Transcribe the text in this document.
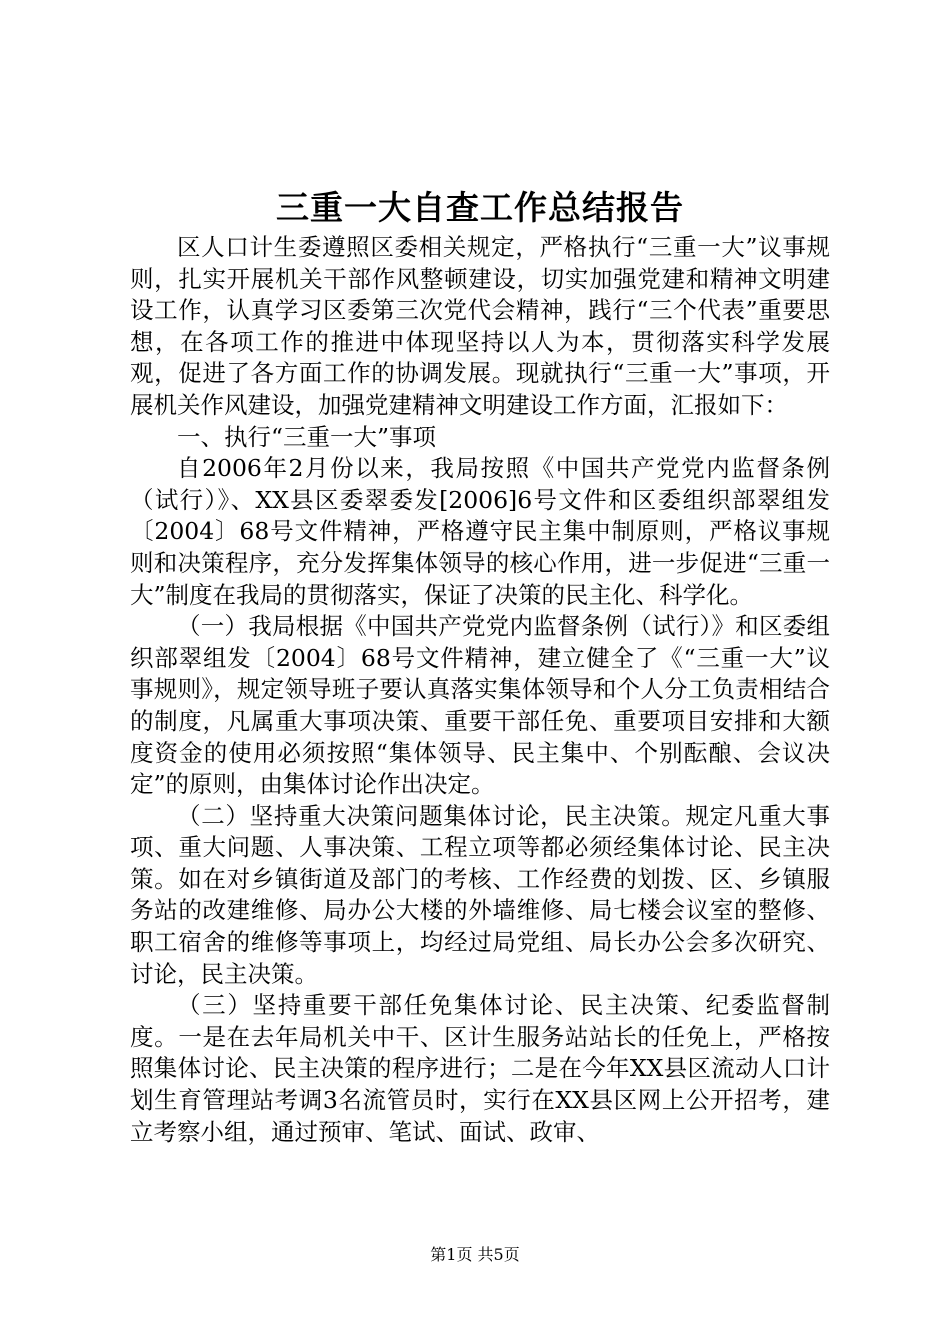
三重一大自查工作总结报告

区人口计生委遵照区委相关规定，严格执行“三重一大”议事规则，扎实开展机关干部作风整顿建设，切实加强党建和精神文明建设工作，认真学习区委第三次党代会精神，践行“三个代表”重要思想，在各项工作的推进中体现坚持以人为本，贯彻落实科学发展观，促进了各方面工作的协调发展。现就执行“三重一大”事项，开展机关作风建设，加强党建精神文明建设工作方面，汇报如下：

一、执行“三重一大”事项

自2006年2月份以来，我局按照《中国共产党党内监督条例（试行）》、XX县区委翠委发[2006]6号文件和区委组织部翠组发〔2004〕68号文件精神，严格遵守民主集中制原则，严格议事规则和决策程序，充分发挥集体领导的核心作用，进一步促进“三重一大”制度在我局的贯彻落实，保证了决策的民主化、科学化。

（一）我局根据《中国共产党党内监督条例（试行）》和区委组织部翠组发〔2004〕68号文件精神，建立健全了《“三重一大”议事规则》，规定领导班子要认真落实集体领导和个人分工负责相结合的制度，凡属重大事项决策、重要干部任免、重要项目安排和大额度资金的使用必须按照“集体领导、民主集中、个别酝酿、会议决定”的原则，由集体讨论作出决定。

（二）坚持重大决策问题集体讨论，民主决策。规定凡重大事项、重大问题、人事决策、工程立项等都必须经集体讨论、民主决策。如在对乡镇街道及部门的考核、工作经费的划拨、区、乡镇服务站的改建维修、局办公大楼的外墙维修、局七楼会议室的整修、职工宿舍的维修等事项上，均经过局党组、局长办公会多次研究、讨论，民主决策。

（三）坚持重要干部任免集体讨论、民主决策、纪委监督制度。一是在去年局机关中干、区计生服务站站长的任免上，严格按照集体讨论、民主决策的程序进行；二是在今年XX县区流动人口计划生育管理站考调3名流管员时，实行在XX县区网上公开招考，建立考察小组，通过预审、笔试、面试、政审、

第1页 共5页
